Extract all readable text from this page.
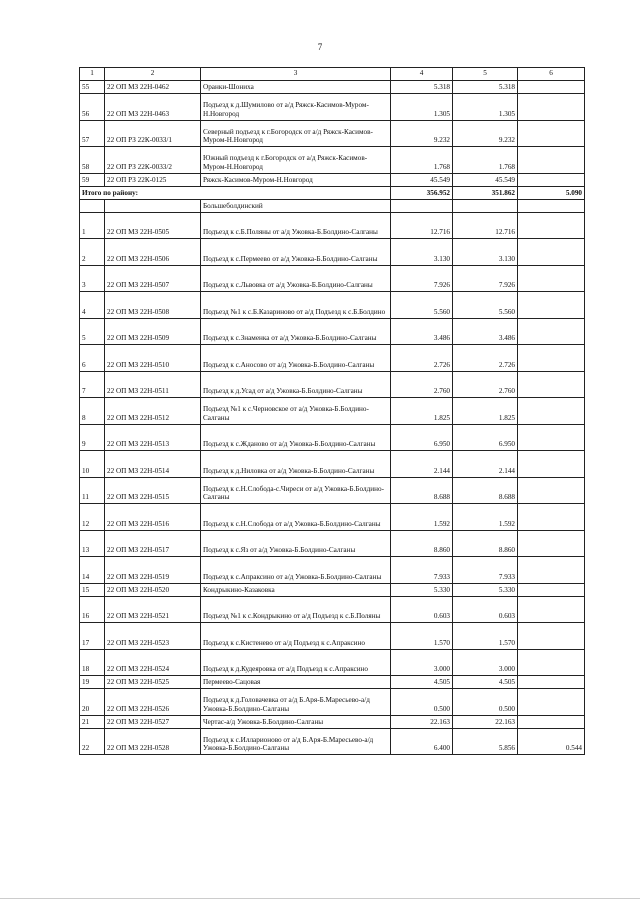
7
1	2	3	4	5	6
55	22 ОП МЗ 22Н-0462	Оранки-Шониха	5.318	5.318	
56	22 ОП МЗ 22Н-0463	Подъезд к д.Шумилово от а/д Ряжск-Касимов-Муром-Н.Новгород	1.305	1.305	
57	22 ОП РЗ 22К-0033/1	Северный подъезд к г.Богородск от а/д Ряжск-Касимов-Муром-Н.Новгород	9.232	9.232	
58	22 ОП РЗ 22К-0033/2	Южный подъезд к г.Богородск от а/д Ряжск-Касимов-Муром-Н.Новгород	1.768	1.768	
59	22 ОП РЗ 22К-0125	Ряжск-Касимов-Муром-Н.Новгород	45.549	45.549	
Итого по району:			356.952	351.862	5.090
		Большеболдинский			
1	22 ОП МЗ 22Н-0505	Подъезд к с.Б.Поляны от а/д Ужовка-Б.Болдино-Салганы	12.716	12.716	
2	22 ОП МЗ 22Н-0506	Подъезд к с.Пермеево от а/д Ужовка-Б.Болдино-Салганы	3.130	3.130	
3	22 ОП МЗ 22Н-0507	Подъезд к с.Львовка от а/д Ужовка-Б.Болдино-Салганы	7.926	7.926	
4	22 ОП МЗ 22Н-0508	Подъезд №1 к с.Б.Казариново от а/д Подъезд к с.Б.Болдино	5.560	5.560	
5	22 ОП МЗ 22Н-0509	Подъезд к с.Знаменка от а/д Ужовка-Б.Болдино-Салганы	3.486	3.486	
6	22 ОП МЗ 22Н-0510	Подъезд к с.Аносово от а/д Ужовка-Б.Болдино-Салганы	2.726	2.726	
7	22 ОП МЗ 22Н-0511	Подъезд к д.Усад от а/д Ужовка-Б.Болдино-Салганы	2.760	2.760	
8	22 ОП МЗ 22Н-0512	Подъезд №1 к с.Черновское от а/д Ужовка-Б.Болдино-Салганы	1.825	1.825	
9	22 ОП МЗ 22Н-0513	Подъезд к с.Жданово от а/д Ужовка-Б.Болдино-Салганы	6.950	6.950	
10	22 ОП МЗ 22Н-0514	Подъезд к д.Ниловка от а/д Ужовка-Б.Болдино-Салганы	2.144	2.144	
11	22 ОП МЗ 22Н-0515	Подъезд к с.Н.Слобода-с.Чиреси от а/д Ужовка-Б.Болдино-Салганы	8.688	8.688	
12	22 ОП МЗ 22Н-0516	Подъезд к с.Н.Слобода от а/д Ужовка-Б.Болдино-Салганы	1.592	1.592	
13	22 ОП МЗ 22Н-0517	Подъезд к с.Яз от а/д Ужовка-Б.Болдино-Салганы	8.860	8.860	
14	22 ОП МЗ 22Н-0519	Подъезд к с.Апраксино от а/д Ужовка-Б.Болдино-Салганы	7.933	7.933	
15	22 ОП МЗ 22Н-0520	Кондрыкино-Казаковка	5.330	5.330	
16	22 ОП МЗ 22Н-0521	Подъезд №1 к с.Кондрыкино от а/д Подъезд к с.Б.Поляны	0.603	0.603	
17	22 ОП МЗ 22Н-0523	Подъезд к с.Кистенево от а/д Подъезд к с.Апраксино	1.570	1.570	
18	22 ОП МЗ 22Н-0524	Подъезд к д.Кудеяровка от а/д Подъезд к с.Апраксино	3.000	3.000	
19	22 ОП МЗ 22Н-0525	Пермеево-Сацовая	4.505	4.505	
20	22 ОП МЗ 22Н-0526	Подъезд к д.Головачевка от а/д Б.Аря-Б.Маресьево-а/д Ужовка-Б.Болдино-Салганы	0.500	0.500	
21	22 ОП МЗ 22Н-0527	Чертас-а/д Ужовка-Б.Болдино-Салганы	22.163	22.163	
22	22 ОП МЗ 22Н-0528	Подъезд к с.Илларионово от а/д Б.Аря-Б.Маресьево-а/д Ужовка-Б.Болдино-Салганы	6.400	5.856	0.544
